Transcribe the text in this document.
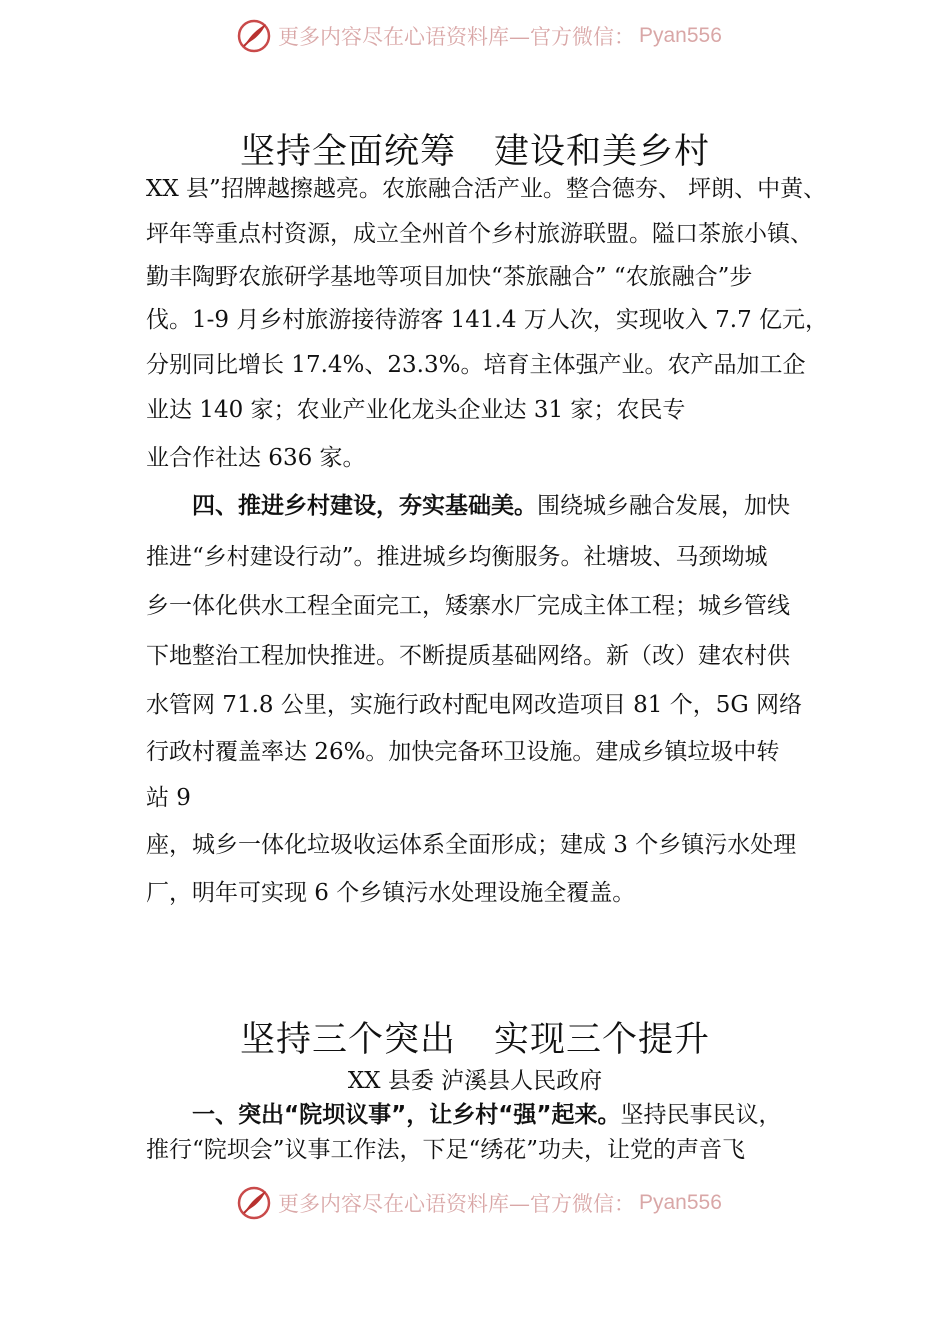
更多内容尽在心语资料库—官方微信： Pyan556
坚持全面统筹 建设和美乡村
XX 县”招牌越擦越亮。农旅融合活产业。整合德夯、 坪朗、中黄、
坪年等重点村资源，成立全州首个乡村旅游联盟。隘口茶旅小镇、
勤丰陶野农旅研学基地等项目加快“茶旅融合” “农旅融合”步
伐。1-9 月乡村旅游接待游客 141.4 万人次，实现收入 7.7 亿元，
分别同比增长 17.4%、23.3%。培育主体强产业。农产品加工企
业达 140 家；农业产业化龙头企业达 31 家；农民专
业合作社达 636 家。
四、推进乡村建设，夯实基础美。围绕城乡融合发展，加快
推进“乡村建设行动”。推进城乡均衡服务。社塘坡、马颈坳城
乡一体化供水工程全面完工，矮寨水厂完成主体工程；城乡管线
下地整治工程加快推进。不断提质基础网络。新（改）建农村供
水管网 71.8 公里，实施行政村配电网改造项目 81 个，5G 网络
行政村覆盖率达 26%。加快完备环卫设施。建成乡镇垃圾中转
站 9
座，城乡一体化垃圾收运体系全面形成；建成 3 个乡镇污水处理
厂，明年可实现 6 个乡镇污水处理设施全覆盖。
坚持三个突出 实现三个提升
XX 县委 泸溪县人民政府
一、突出“院坝议事”，让乡村“强”起来。坚持民事民议，
推行“院坝会”议事工作法，下足“绣花”功夫，让党的声音飞
更多内容尽在心语资料库—官方微信： Pyan556
